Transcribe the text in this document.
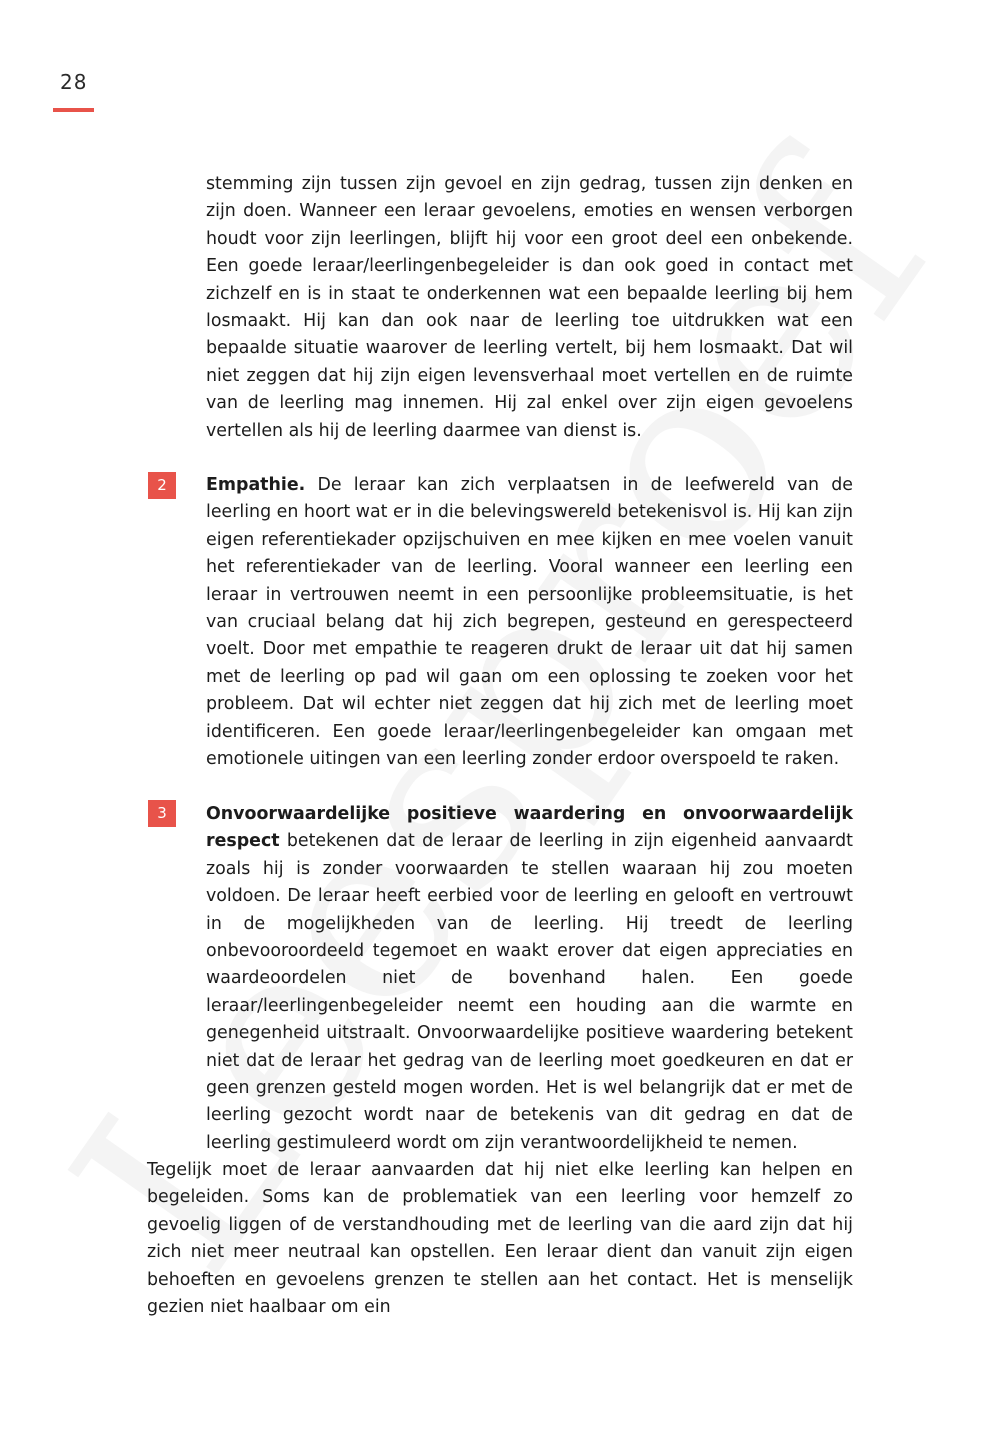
28

stemming zijn tussen zijn gevoel en zijn gedrag, tussen zijn denken en zijn doen. Wanneer een leraar gevoelens, emoties en wensen verborgen houdt voor zijn leerlingen, blijft hij voor een groot deel een onbekende. Een goede leraar/leerlingenbegeleider is dan ook goed in contact met zichzelf en is in staat te onderkennen wat een bepaalde leerling bij hem losmaakt. Hij kan dan ook naar de leerling toe uitdrukken wat een bepaalde situatie waarover de leerling vertelt, bij hem losmaakt. Dat wil niet zeggen dat hij zijn eigen levensverhaal moet vertellen en de ruimte van de leerling mag innemen. Hij zal enkel over zijn eigen gevoelens vertellen als hij de leerling daarmee van dienst is.

2	Empathie. De leraar kan zich verplaatsen in de leefwereld van de leerling en hoort wat er in die belevingswereld betekenisvol is. Hij kan zijn eigen referentiekader opzijschuiven en mee kijken en mee voelen vanuit het referentiekader van de leerling. Vooral wanneer een leerling een leraar in vertrouwen neemt in een persoonlijke probleemsituatie, is het van cruciaal belang dat hij zich begrepen, gesteund en gerespecteerd voelt. Door met empathie te reageren drukt de leraar uit dat hij samen met de leerling op pad wil gaan om een oplossing te zoeken voor het probleem. Dat wil echter niet zeggen dat hij zich met de leerling moet identificeren. Een goede leraar/leerlingenbegeleider kan omgaan met emotionele uitingen van een leerling zonder erdoor overspoeld te raken.

3	Onvoorwaardelijke positieve waardering en onvoorwaardelijk respect betekenen dat de leraar de leerling in zijn eigenheid aanvaardt zoals hij is zonder voorwaarden te stellen waaraan hij zou moeten voldoen. De leraar heeft eerbied voor de leerling en gelooft en vertrouwt in de mogelijkheden van de leerling. Hij treedt de leerling onbevooroordeeld tegemoet en waakt erover dat eigen appreciaties en waardeoordelen niet de bovenhand halen. Een goede leraar/leerlingenbegeleider neemt een houding aan die warmte en genegenheid uitstraalt. Onvoorwaardelijke positieve waardering betekent niet dat de leraar het gedrag van de leerling moet goedkeuren en dat er geen grenzen gesteld mogen worden. Het is wel belangrijk dat er met de leerling gezocht wordt naar de betekenis van dit gedrag en dat de leerling gestimuleerd wordt om zijn verantwoordelijkheid te nemen.

Tegelijk moet de leraar aanvaarden dat hij niet elke leerling kan helpen en begeleiden. Soms kan de problematiek van een leerling voor hemzelf zo gevoelig liggen of de verstandhouding met de leerling van die aard zijn dat hij zich niet meer neutraal kan opstellen. Een leraar dient dan vanuit zijn eigen behoeften en gevoelens grenzen te stellen aan het contact. Het is menselijk gezien niet haalbaar om ein
